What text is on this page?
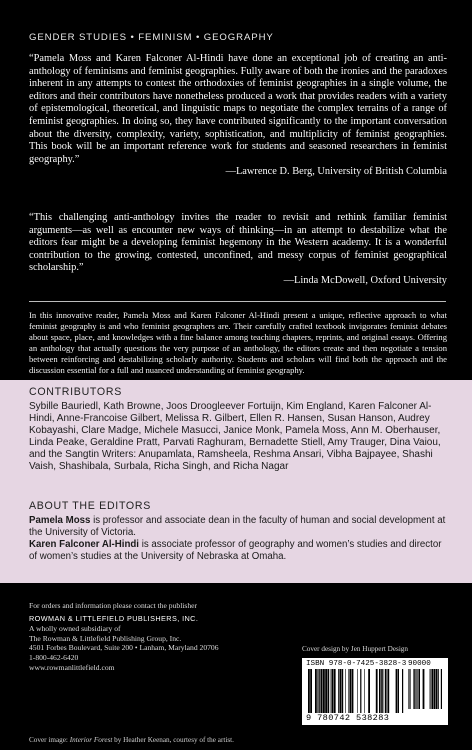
GENDER STUDIES • FEMINISM • GEOGRAPHY
“Pamela Moss and Karen Falconer Al-Hindi have done an exceptional job of creating an anti-anthology of feminisms and feminist geographies. Fully aware of both the ironies and the paradoxes inherent in any attempts to contest the orthodoxies of feminist geographies in a single volume, the editors and their contributors have nonetheless produced a work that provides readers with a variety of epistemological, theoretical, and linguistic maps to negotiate the complex terrains of a range of feminist geographies. In doing so, they have contributed significantly to the important conversation about the diversity, complexity, variety, sophistication, and multiplicity of feminist geographies. This book will be an important reference work for students and seasoned researchers in feminist geography.”
—Lawrence D. Berg, University of British Columbia
“This challenging anti-anthology invites the reader to revisit and rethink familiar feminist arguments—as well as encounter new ways of thinking—in an attempt to destabilize what the editors fear might be a developing feminist hegemony in the Western academy. It is a wonderful contribution to the growing, contested, unconfined, and messy corpus of feminist geographical scholarship.”
—Linda McDowell, Oxford University
In this innovative reader, Pamela Moss and Karen Falconer Al-Hindi present a unique, reflective approach to what feminist geography is and who feminist geographers are. Their carefully crafted textbook invigorates feminist debates about space, place, and knowledges with a fine balance among teaching chapters, reprints, and original essays. Offering an anthology that actually questions the very purpose of an anthology, the editors create and then negotiate a tension between reinforcing and destabilizing scholarly authority. Students and scholars will find both the approach and the discussion essential for a full and nuanced understanding of feminist geography.
CONTRIBUTORS
Sybille Bauriedl, Kath Browne, Joos Droogleever Fortuijn, Kim England, Karen Falconer Al-Hindi, Anne-Francoise Gilbert, Melissa R. Gilbert, Ellen R. Hansen, Susan Hanson, Audrey Kobayashi, Clare Madge, Michele Masucci, Janice Monk, Pamela Moss, Ann M. Oberhauser, Linda Peake, Geraldine Pratt, Parvati Raghuram, Bernadette Stiell, Amy Trauger, Dina Vaiou, and the Sangtin Writers: Anupamlata, Ramsheela, Reshma Ansari, Vibha Bajpayee, Shashi Vaish, Shashibala, Surbala, Richa Singh, and Richa Nagar
ABOUT THE EDITORS
Pamela Moss is professor and associate dean in the faculty of human and social development at the University of Victoria.
Karen Falconer Al-Hindi is associate professor of geography and women’s studies and director of women’s studies at the University of Nebraska at Omaha.
For orders and information please contact the publisher
ROWMAN & LITTLEFIELD PUBLISHERS, INC.
A wholly owned subsidiary of
The Rowman & Littlefield Publishing Group, Inc.
4501 Forbes Boulevard, Suite 200 • Lanham, Maryland 20706
1-800-462-6420
www.rowmanlittlefield.com
Cover image: Interior Forest by Heather Keenan, courtesy of the artist.
Cover design by Jen Huppert Design
ISBN 978-0-7425-3828-3 90000
9 780742 538283
